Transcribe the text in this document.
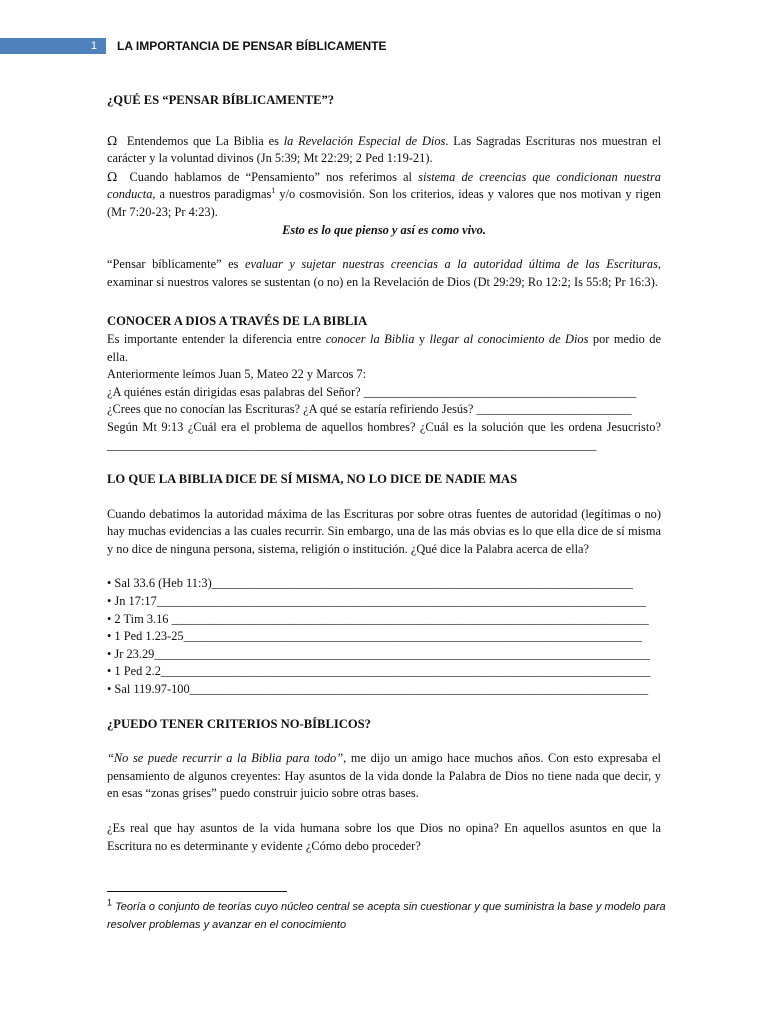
1	LA IMPORTANCIA DE PENSAR BÍBLICAMENTE

¿QUÉ ES “PENSAR BÍBLICAMENTE”?

Ω Entendemos que La Biblia es la Revelación Especial de Dios. Las Sagradas Escrituras nos muestran el carácter y la voluntad divinos (Jn 5:39; Mt 22:29; 2 Ped 1:19-21).

Ω Cuando hablamos de “Pensamiento” nos referimos al sistema de creencias que condicionan nuestra conducta, a nuestros paradigmas$^1$ y/o cosmovisión. Son los criterios, ideas y valores que nos motivan y rigen (Mr 7:20-23; Pr 4:23).

Esto es lo que pienso y así es como vivo.

“Pensar bíblicamente” es evaluar y sujetar nuestras creencias a la autoridad última de las Escrituras, examinar si nuestros valores se sustentan (o no) en la Revelación de Dios (Dt 29:29; Ro 12:2; Is 55:8; Pr 16:3).

CONOCER A DIOS A TRAVÉS DE LA BIBLIA

Es importante entender la diferencia entre conocer la Biblia y llegar al conocimiento de Dios por medio de ella.

Anteriormente leímos Juan 5, Mateo 22 y Marcos 7:

¿A quiénes están dirigidas esas palabras del Señor? ____________________________________________

¿Crees que no conocían las Escrituras? ¿A qué se estaría refiriendo Jesús? _________________________

Según Mt 9:13 ¿Cuál era el problema de aquellos hombres? ¿Cuál es la solución que les ordena Jesucristo? _______________________________________________________________________________

LO QUE LA BIBLIA DICE DE SÍ MISMA, NO LO DICE DE NADIE MAS

Cuando debatimos la autoridad máxima de las Escrituras por sobre otras fuentes de autoridad (legítimas o no) hay muchas evidencias a las cuales recurrir. Sin embargo, una de las más obvias es lo que ella dice de sí misma y no dice de ninguna persona, sistema, religión o institución. ¿Qué dice la Palabra acerca de ella?

• Sal 33.6 (Heb 11:3)____________________________________________________________________
• Jn 17:17_______________________________________________________________________________
• 2 Tim 3.16 _____________________________________________________________________________
• 1 Ped 1.23-25__________________________________________________________________________
• Jr 23.29________________________________________________________________________________
• 1 Ped 2.2_______________________________________________________________________________
• Sal 119.97-100__________________________________________________________________________

¿PUEDO TENER CRITERIOS NO-BÍBLICOS?

“No se puede recurrir a la Biblia para todo”, me dijo un amigo hace muchos años. Con esto expresaba el pensamiento de algunos creyentes: Hay asuntos de la vida donde la Palabra de Dios no tiene nada que decir, y en esas “zonas grises” puedo construir juicio sobre otras bases.

¿Es real que hay asuntos de la vida humana sobre los que Dios no opina? En aquellos asuntos en que la Escritura no es determinante y evidente ¿Cómo debo proceder?

$^1$ Teoría o conjunto de teorías cuyo núcleo central se acepta sin cuestionar y que suministra la base y modelo para resolver problemas y avanzar en el conocimiento
